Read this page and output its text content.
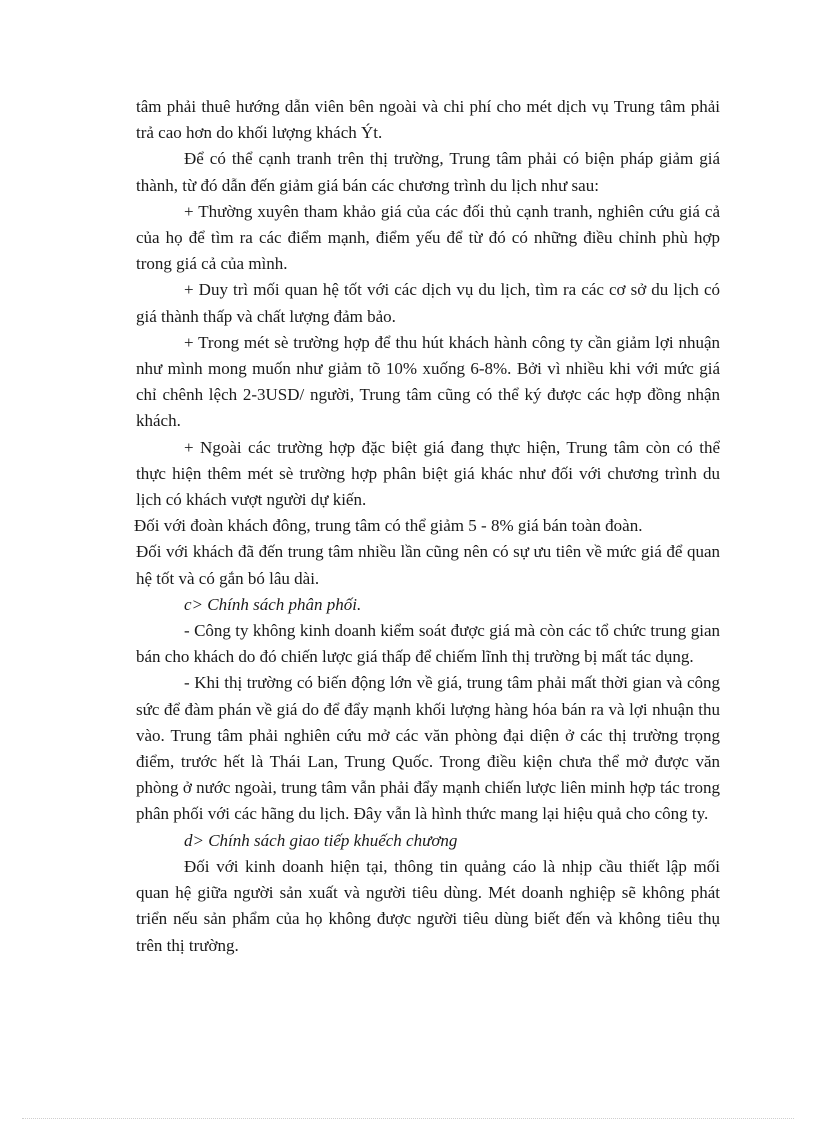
tâm phải thuê hướng dẫn viên bên ngoài và chi phí cho mét dịch vụ Trung tâm phải trả cao hơn do khối lượng khách Ýt.

Để có thể cạnh tranh trên thị trường, Trung tâm phải có biện pháp giảm giá thành, từ đó dẫn đến giảm giá bán các chương trình du lịch như sau:

+ Thường xuyên tham khảo giá của các đối thủ cạnh tranh, nghiên cứu giá cả của họ để tìm ra các điểm mạnh, điểm yếu để từ đó có những điều chỉnh phù hợp trong giá cả của mình.

+ Duy trì mối quan hệ tốt với các dịch vụ du lịch, tìm ra các cơ sở du lịch có giá thành thấp và chất lượng đảm bảo.

+ Trong mét sè trường hợp để thu hút khách hành công ty cần giảm lợi nhuận như mình mong muốn như giảm tõ 10% xuống 6-8%. Bởi vì nhiều khi với mức giá chỉ chênh lệch 2-3USD/ người, Trung tâm cũng có thể ký được các hợp đồng nhận khách.

+ Ngoài các trường hợp đặc biệt giá đang thực hiện, Trung tâm còn có thể thực hiện thêm mét sè trường hợp phân biệt giá khác như đối với chương trình du lịch có khách vượt người dự kiến.

Đối với đoàn khách đông, trung tâm có thể giảm 5 - 8% giá bán toàn đoàn.

Đối với khách đã đến trung tâm nhiều lần cũng nên có sự ưu tiên về mức giá để quan hệ tốt và có gắn bó lâu dài.

c> Chính sách phân phối.

- Công ty không kinh doanh kiểm soát được giá mà còn các tổ chức trung gian bán cho khách do đó chiến lược giá thấp để chiếm lĩnh thị trường bị mất tác dụng.

- Khi thị trường có biến động lớn về giá, trung tâm phải mất thời gian và công sức để đàm phán về giá do để đẩy mạnh khối lượng hàng hóa bán ra và lợi nhuận thu vào. Trung tâm phải nghiên cứu mở các văn phòng đại diện ở các thị trường trọng điểm, trước hết là Thái Lan, Trung Quốc. Trong điều kiện chưa thể mở được văn phòng ở nước ngoài, trung tâm vẫn phải đẩy mạnh chiến lược liên minh hợp tác trong phân phối với các hãng du lịch. Đây vẫn là hình thức mang lại hiệu quả cho công ty.

d> Chính sách giao tiếp khuếch chương

Đối với kinh doanh hiện tại, thông tin quảng cáo là nhịp cầu thiết lập mối quan hệ giữa người sản xuất và người tiêu dùng. Mét doanh nghiệp sẽ không phát triển nếu sản phẩm của họ không được người tiêu dùng biết đến và không tiêu thụ trên thị trường.
